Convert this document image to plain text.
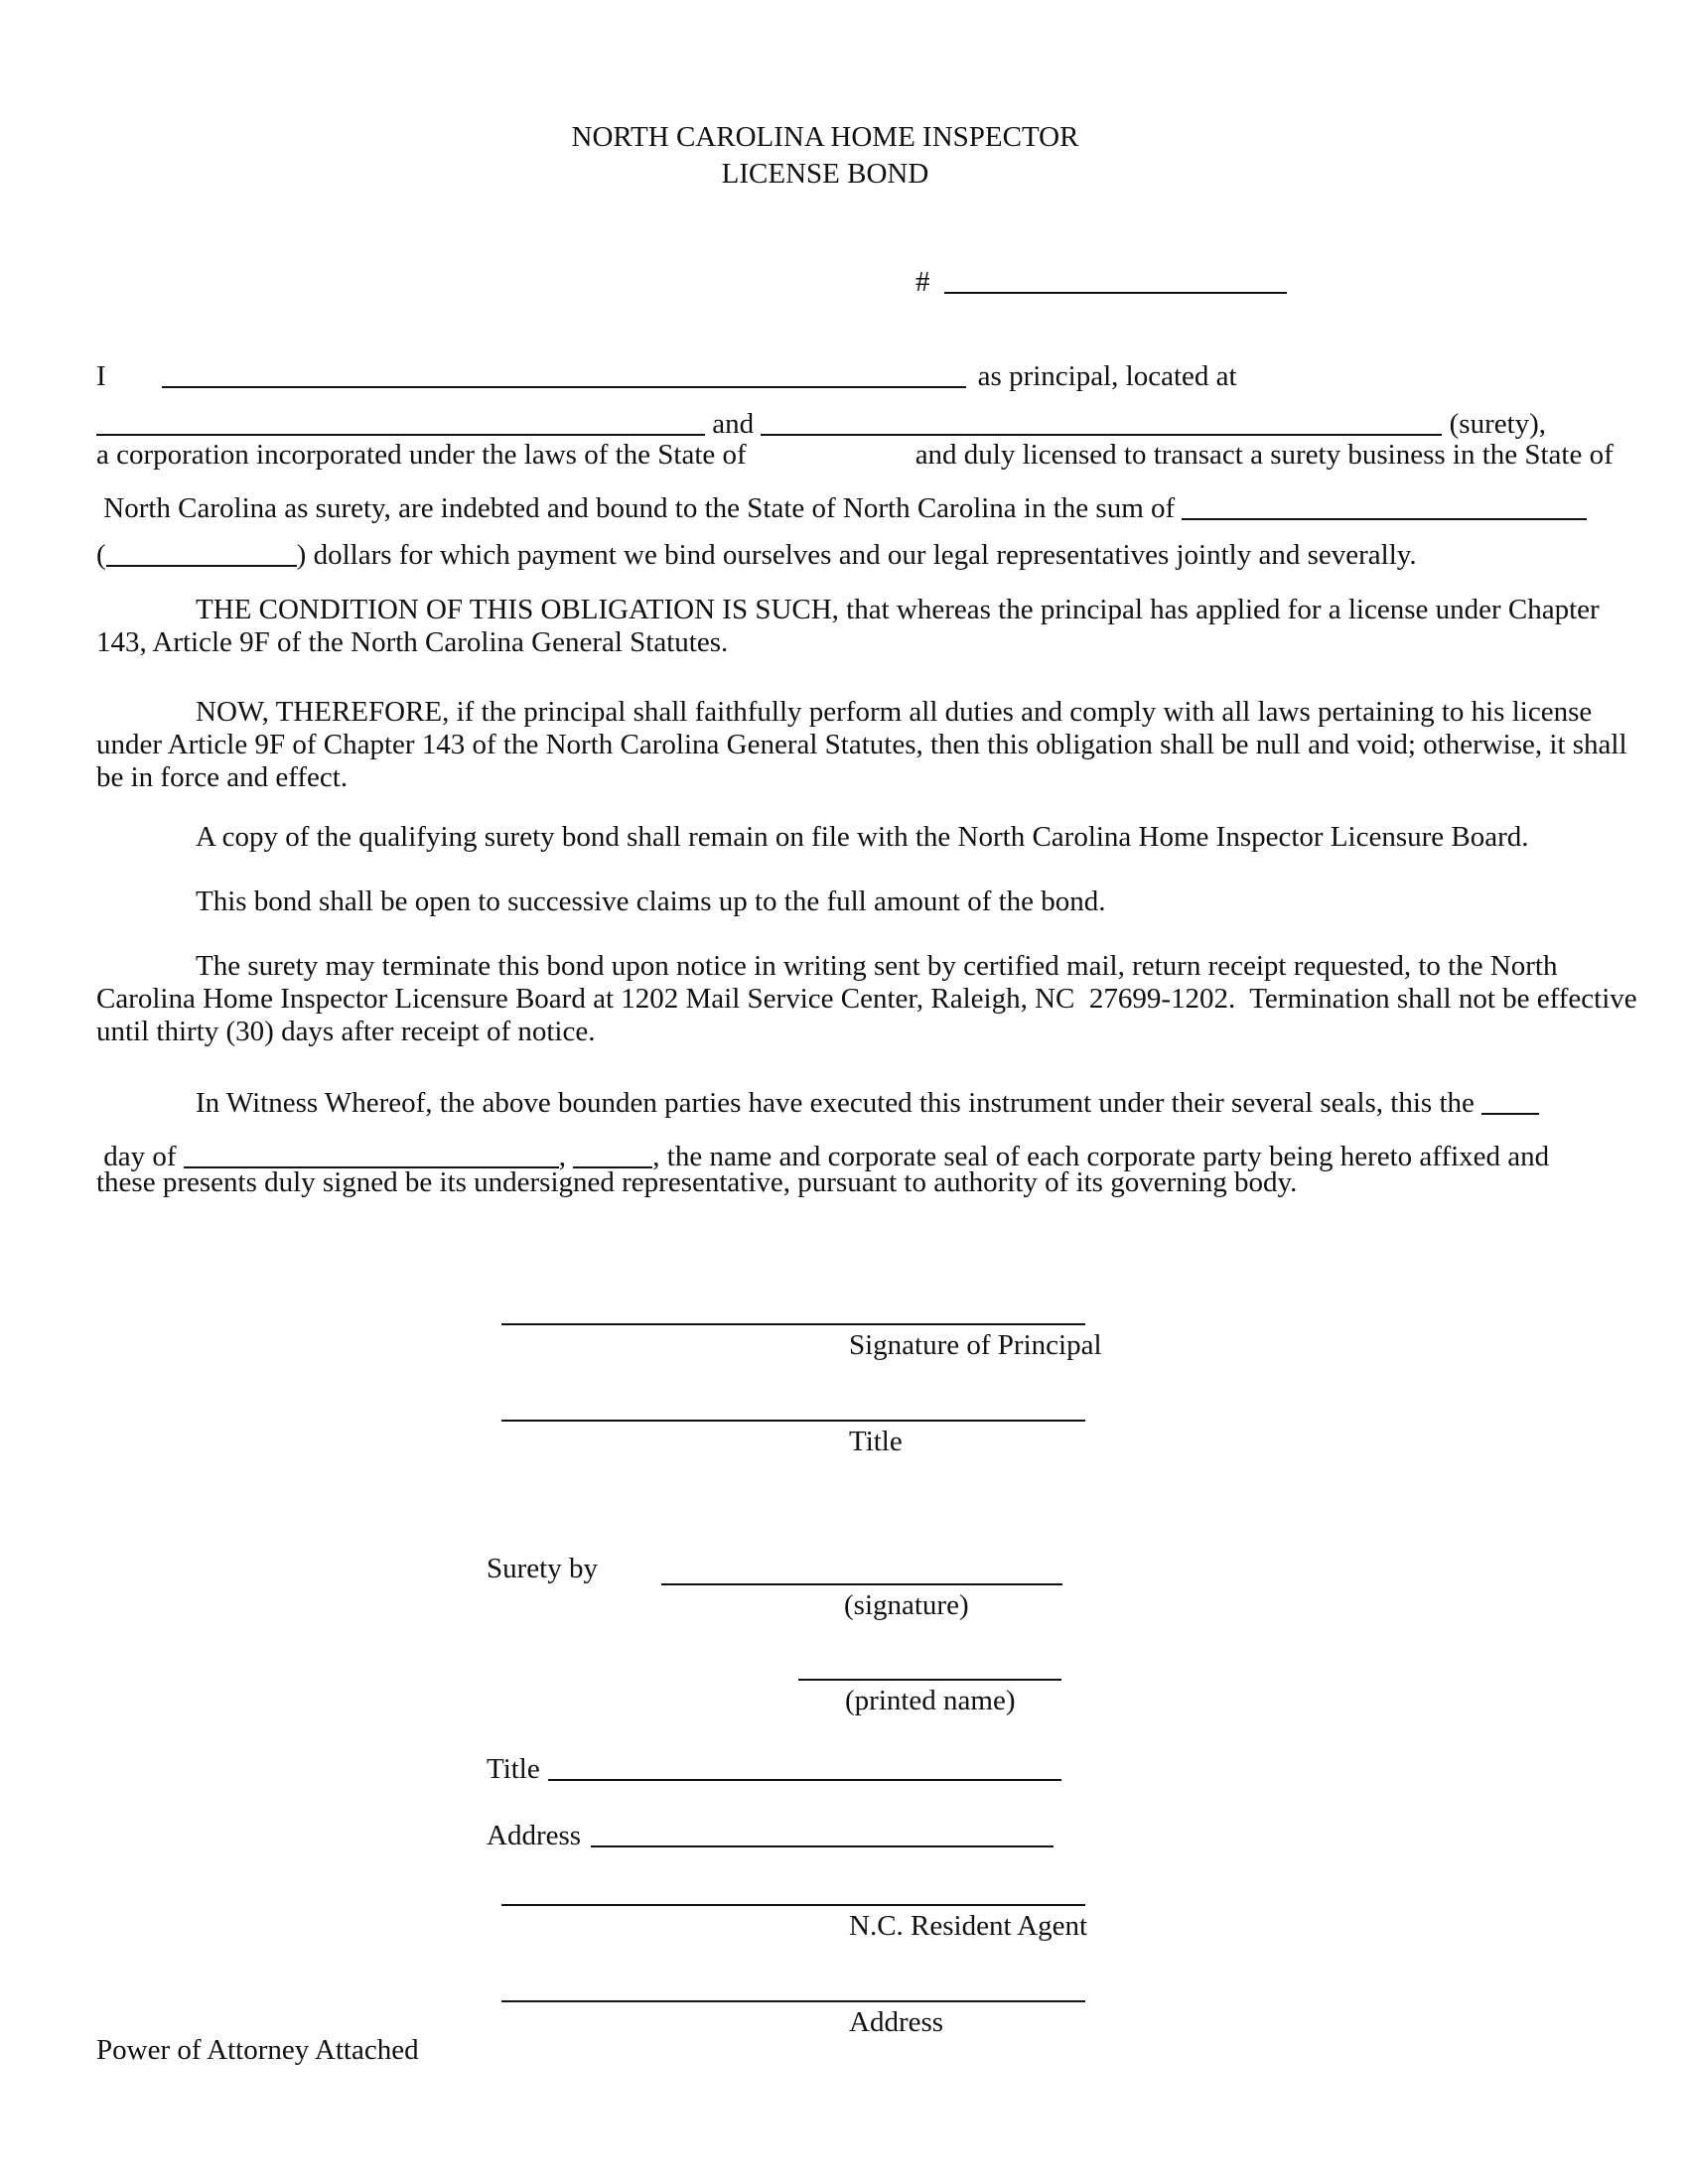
NORTH CAROLINA HOME INSPECTOR
LICENSE BOND
#
I	as principal, located at
and	(surety),
a corporation incorporated under the laws of the State of	and duly licensed to transact a surety business in the State of
North Carolina as surety, are indebted and bound to the State of North Carolina in the sum of
(	) dollars for which payment we bind ourselves and our legal representatives jointly and severally.
THE CONDITION OF THIS OBLIGATION IS SUCH, that whereas the principal has applied for a license under Chapter
143, Article 9F of the North Carolina General Statutes.
NOW, THEREFORE, if the principal shall faithfully perform all duties and comply with all laws pertaining to his license
under Article 9F of Chapter 143 of the North Carolina General Statutes, then this obligation shall be null and void; otherwise, it shall
be in force and effect.
A copy of the qualifying surety bond shall remain on file with the North Carolina Home Inspector Licensure Board.
This bond shall be open to successive claims up to the full amount of the bond.
The surety may terminate this bond upon notice in writing sent by certified mail, return receipt requested, to the North
Carolina Home Inspector Licensure Board at 1202 Mail Service Center, Raleigh, NC  27699-1202.  Termination shall not be effective
until thirty (30) days after receipt of notice.
In Witness Whereof, the above bounden parties have executed this instrument under their several seals, this the
day of	,	, the name and corporate seal of each corporate party being hereto affixed and
these presents duly signed be its undersigned representative, pursuant to authority of its governing body.
Signature of Principal
Title
Surety by
(signature)
(printed name)
Title
Address
N.C. Resident Agent
Address
Power of Attorney Attached
